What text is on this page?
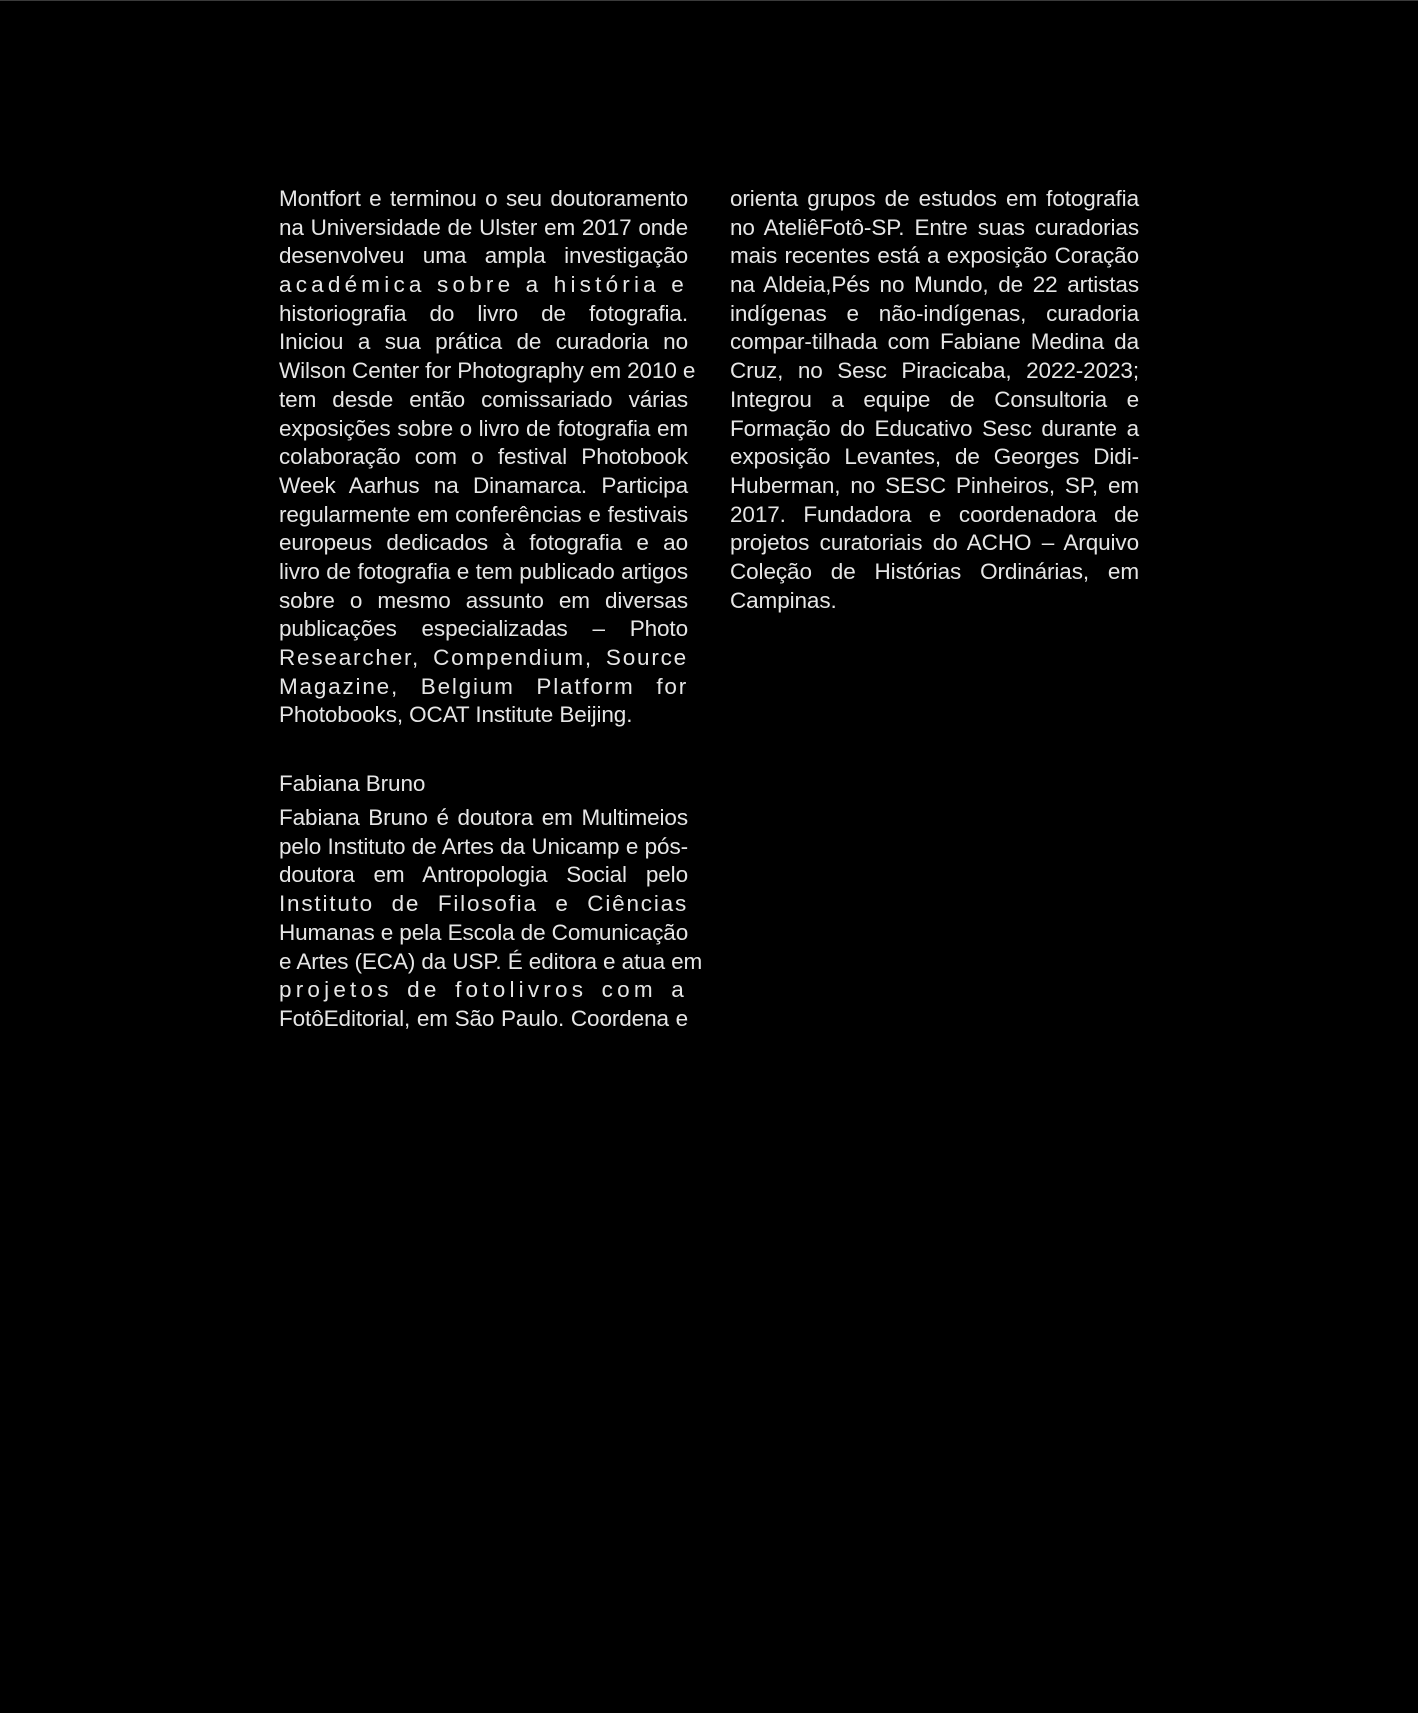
Montfort e terminou o seu doutoramento
na Universidade de Ulster em 2017 onde
desenvolveu uma ampla investigação
académica sobre a história e
historiografia do livro de fotografia.
Iniciou a sua prática de curadoria no
Wilson Center for Photography em 2010 e
tem desde então comissariado várias
exposições sobre o livro de fotografia em
colaboração com o festival Photobook
Week Aarhus na Dinamarca. Participa
regularmente em conferências e festivais
europeus dedicados à fotografia e ao
livro de fotografia e tem publicado artigos
sobre o mesmo assunto em diversas
publicações especializadas – Photo
Researcher, Compendium, Source
Magazine, Belgium Platform for
Photobooks, OCAT Institute Beijing.
Fabiana Bruno
Fabiana Bruno é doutora em Multimeios
pelo Instituto de Artes da Unicamp e pós-
doutora em Antropologia Social pelo
Instituto de Filosofia e Ciências
Humanas e pela Escola de Comunicação
e Artes (ECA) da USP. É editora e atua em
projetos de fotolivros com a
FotôEditorial, em São Paulo. Coordena e
orienta grupos de estudos em fotografia
no AteliêFotô-SP. Entre suas curadorias
mais recentes está a exposição Coração
na Aldeia,Pés no Mundo, de 22 artistas
indígenas e não-indígenas, curadoria
compar-tilhada com Fabiane Medina da
Cruz, no Sesc Piracicaba, 2022-2023;
Integrou a equipe de Consultoria e
Formação do Educativo Sesc durante a
exposição Levantes, de Georges Didi-
Huberman, no SESC Pinheiros, SP, em
2017. Fundadora e coordenadora de
projetos curatoriais do ACHO – Arquivo
Coleção de Histórias Ordinárias, em
Campinas.
